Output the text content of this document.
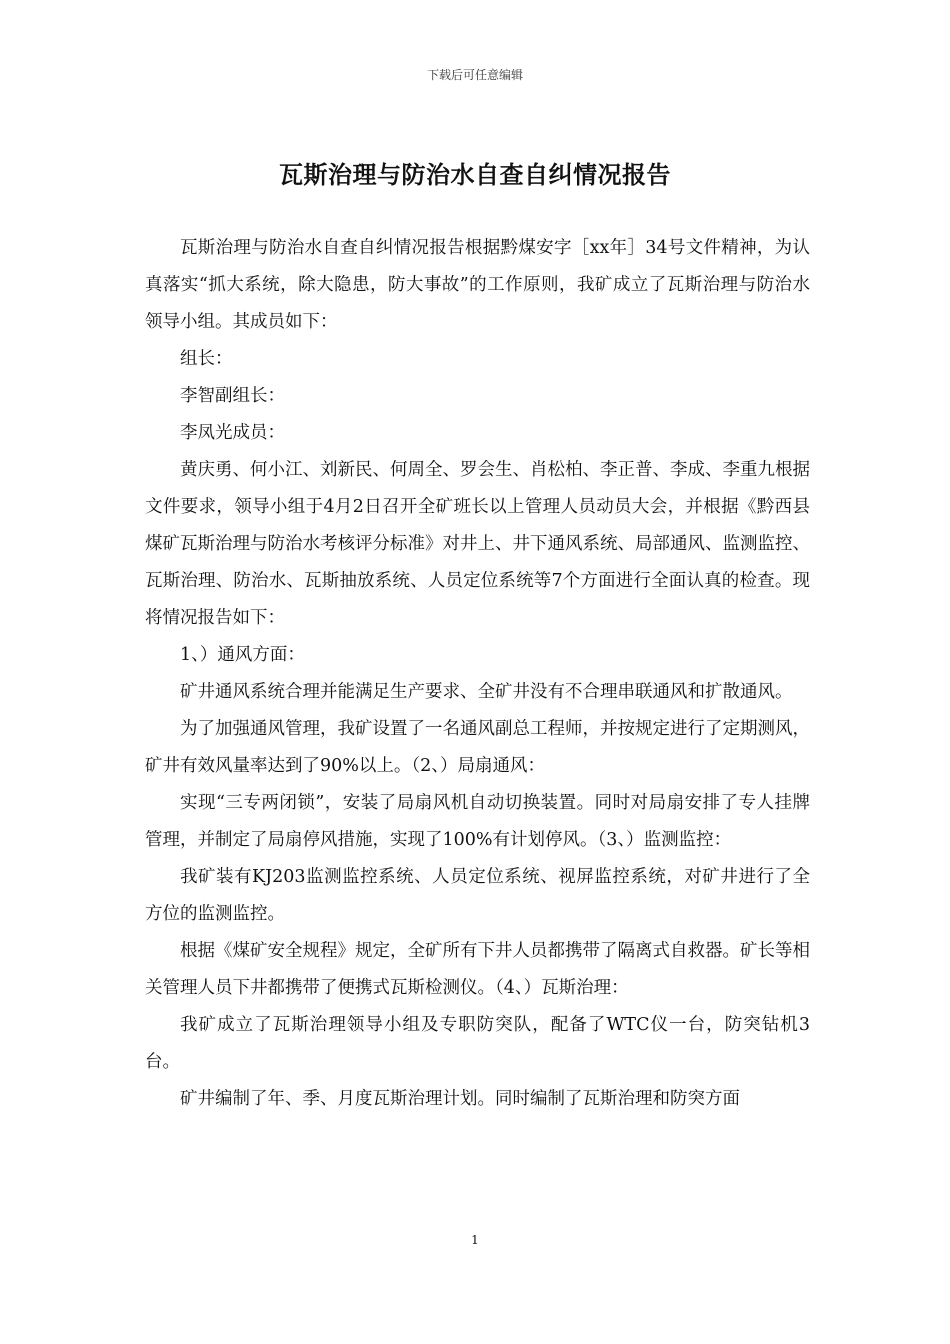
下载后可任意编辑
瓦斯治理与防治水自查自纠情况报告

瓦斯治理与防治水自查自纠情况报告根据黔煤安字［xx年］34号文件精神，为认真落实“抓大系统，除大隐患，防大事故”的工作原则，我矿成立了瓦斯治理与防治水领导小组。其成员如下：

组长：

李智副组长：

李凤光成员：

黄庆勇、何小江、刘新民、何周全、罗会生、肖松柏、李正普、李成、李重九根据文件要求，领导小组于4月2日召开全矿班长以上管理人员动员大会，并根据《黔西县煤矿瓦斯治理与防治水考核评分标准》对井上、井下通风系统、局部通风、监测监控、瓦斯治理、防治水、瓦斯抽放系统、人员定位系统等7个方面进行全面认真的检查。现将情况报告如下：

1、）通风方面：

矿井通风系统合理并能满足生产要求、全矿井没有不合理串联通风和扩散通风。

为了加强通风管理，我矿设置了一名通风副总工程师，并按规定进行了定期测风，矿井有效风量率达到了90%以上。（2、）局扇通风：

实现“三专两闭锁”，安装了局扇风机自动切换装置。同时对局扇安排了专人挂牌管理，并制定了局扇停风措施，实现了100%有计划停风。（3、）监测监控：

我矿装有KJ203监测监控系统、人员定位系统、视屏监控系统，对矿井进行了全方位的监测监控。

根据《煤矿安全规程》规定，全矿所有下井人员都携带了隔离式自救器。矿长等相关管理人员下井都携带了便携式瓦斯检测仪。（4、）瓦斯治理：

我矿成立了瓦斯治理领导小组及专职防突队，配备了WTC仪一台，防突钻机3台。

矿井编制了年、季、月度瓦斯治理计划。同时编制了瓦斯治理和防突方面

1
